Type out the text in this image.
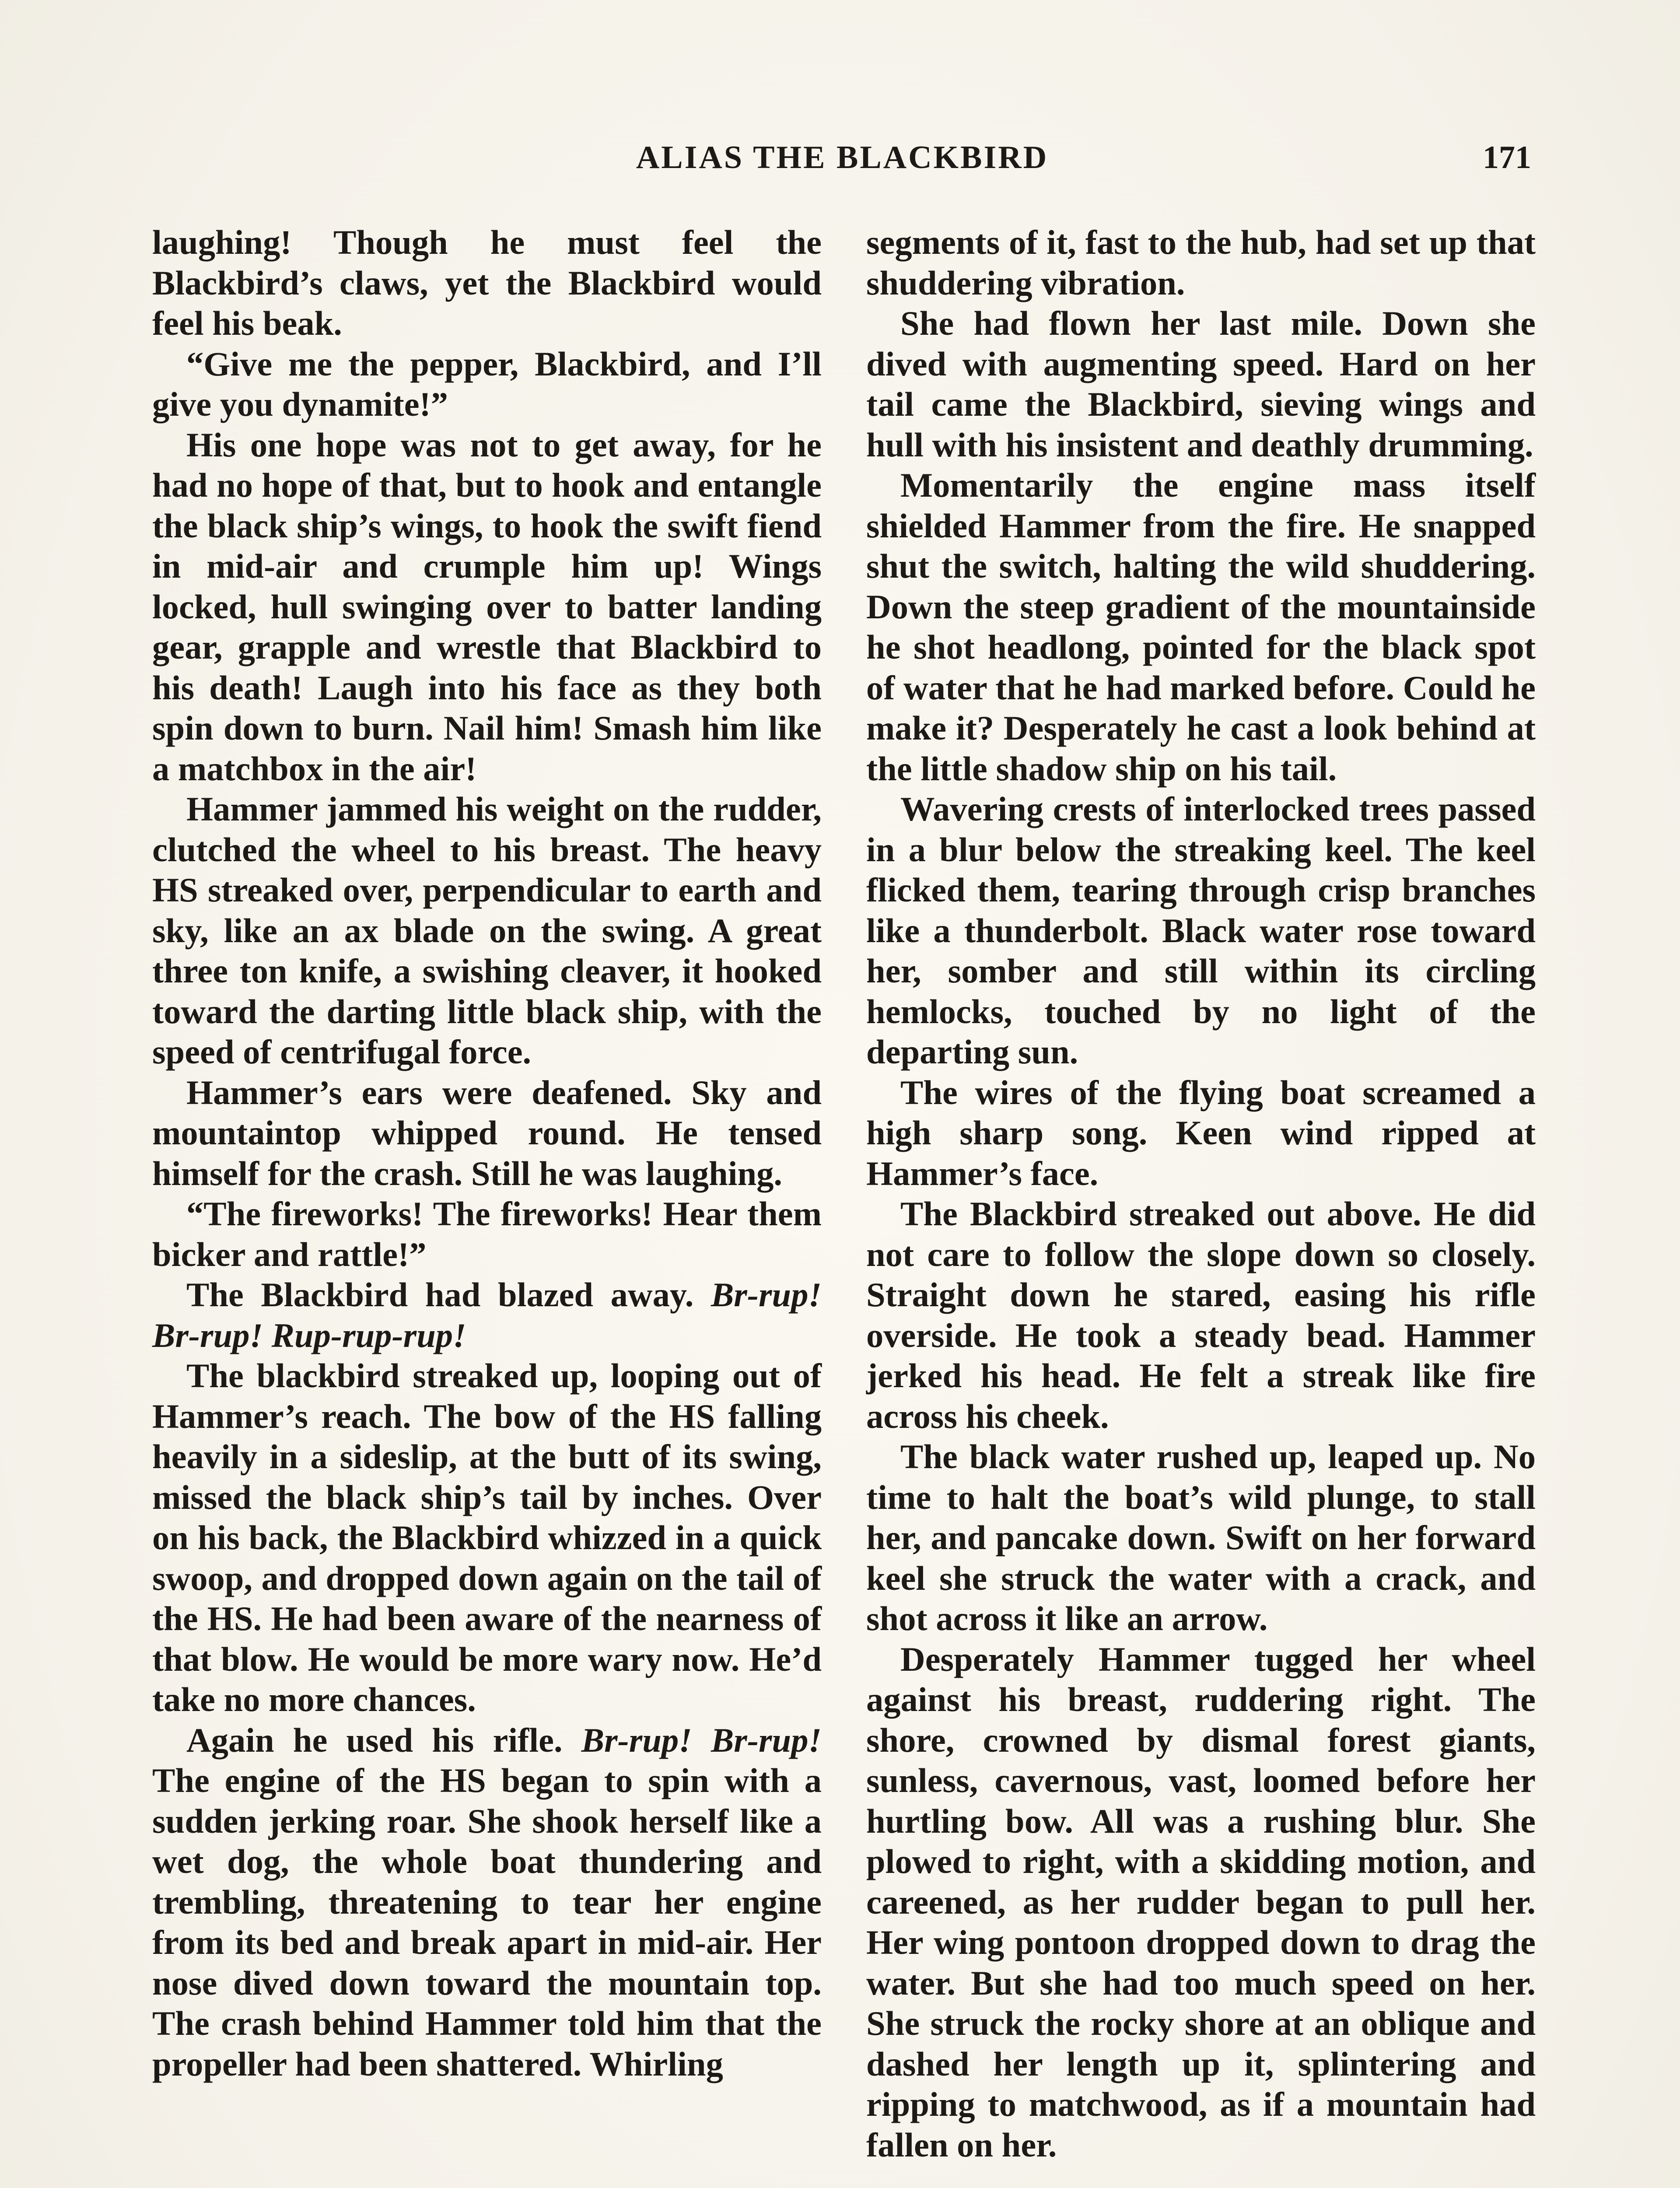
ALIAS THE BLACKBIRD	171

laughing! Though he must feel the Blackbird’s claws, yet the Blackbird would feel his beak.

“Give me the pepper, Blackbird, and I’ll give you dynamite!”

His one hope was not to get away, for he had no hope of that, but to hook and entangle the black ship’s wings, to hook the swift fiend in mid-air and crumple him up! Wings locked, hull swinging over to batter landing gear, grapple and wrestle that Blackbird to his death! Laugh into his face as they both spin down to burn. Nail him! Smash him like a matchbox in the air!

Hammer jammed his weight on the rudder, clutched the wheel to his breast. The heavy HS streaked over, perpendicular to earth and sky, like an ax blade on the swing. A great three ton knife, a swishing cleaver, it hooked toward the darting little black ship, with the speed of centrifugal force.

Hammer’s ears were deafened. Sky and mountaintop whipped round. He tensed himself for the crash. Still he was laughing.

“The fireworks! The fireworks! Hear them bicker and rattle!”

The Blackbird had blazed away. Br-rup! Br-rup! Rup-rup-rup!

The blackbird streaked up, looping out of Hammer’s reach. The bow of the HS falling heavily in a sideslip, at the butt of its swing, missed the black ship’s tail by inches. Over on his back, the Blackbird whizzed in a quick swoop, and dropped down again on the tail of the HS. He had been aware of the nearness of that blow. He would be more wary now. He’d take no more chances.

Again he used his rifle. Br-rup! Br-rup! The engine of the HS began to spin with a sudden jerking roar. She shook herself like a wet dog, the whole boat thundering and trembling, threatening to tear her engine from its bed and break apart in mid-air. Her nose dived down toward the mountain top. The crash behind Hammer told him that the propeller had been shattered. Whirling

segments of it, fast to the hub, had set up that shuddering vibration.

She had flown her last mile. Down she dived with augmenting speed. Hard on her tail came the Blackbird, sieving wings and hull with his insistent and deathly drumming.

Momentarily the engine mass itself shielded Hammer from the fire. He snapped shut the switch, halting the wild shuddering. Down the steep gradient of the mountainside he shot headlong, pointed for the black spot of water that he had marked before. Could he make it? Desperately he cast a look behind at the little shadow ship on his tail.

Wavering crests of interlocked trees passed in a blur below the streaking keel. The keel flicked them, tearing through crisp branches like a thunderbolt. Black water rose toward her, somber and still within its circling hemlocks, touched by no light of the departing sun.

The wires of the flying boat screamed a high sharp song. Keen wind ripped at Hammer’s face.

The Blackbird streaked out above. He did not care to follow the slope down so closely. Straight down he stared, easing his rifle overside. He took a steady bead. Hammer jerked his head. He felt a streak like fire across his cheek.

The black water rushed up, leaped up. No time to halt the boat’s wild plunge, to stall her, and pancake down. Swift on her forward keel she struck the water with a crack, and shot across it like an arrow.

Desperately Hammer tugged her wheel against his breast, ruddering right. The shore, crowned by dismal forest giants, sunless, cavernous, vast, loomed before her hurtling bow. All was a rushing blur. She plowed to right, with a skidding motion, and careened, as her rudder began to pull her. Her wing pontoon dropped down to drag the water. But she had too much speed on her. She struck the rocky shore at an oblique and dashed her length up it, splintering and ripping to matchwood, as if a mountain had fallen on her.
